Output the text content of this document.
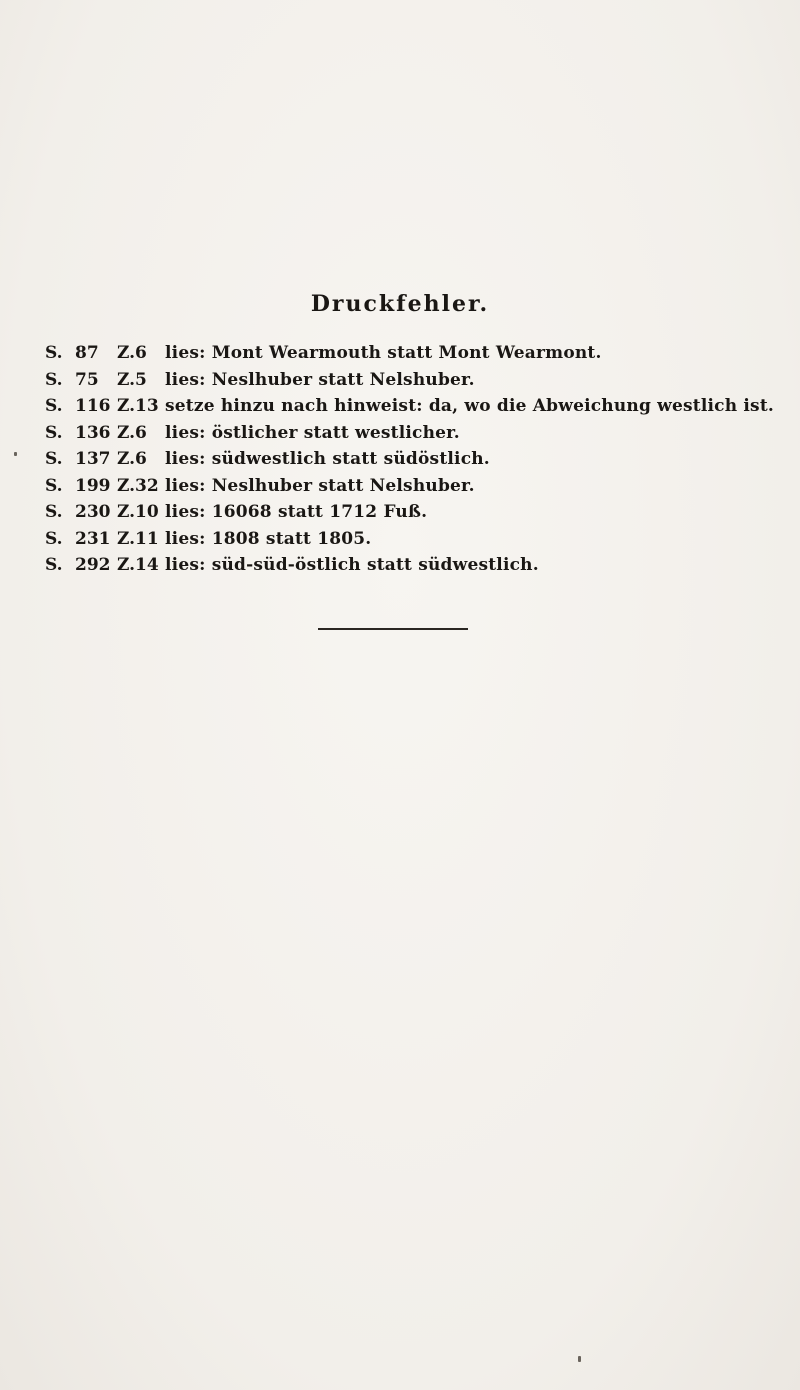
Druckfehler.
S. 87	Z. 6	lies: Mont Wearmouth statt Mont Wearmont.
S. 75	Z. 5	lies: Neslhuber statt Nelshuber.
S. 116 Z. 13 setze hinzu nach hinweist: da, wo die Abweichung westlich ist.
S. 136 Z. 6	lies: östlicher statt westlicher.
S. 137 Z. 6	lies: südwestlich statt südöstlich.
S. 199 Z. 32 lies: Neslhuber statt Nelshuber.
S. 230 Z. 10 lies: 16068 statt 1712 Fuß.
S. 231 Z. 11 lies: 1808 statt 1805.
S. 292 Z. 14 lies: süd-süd-östlich statt südwestlich.
